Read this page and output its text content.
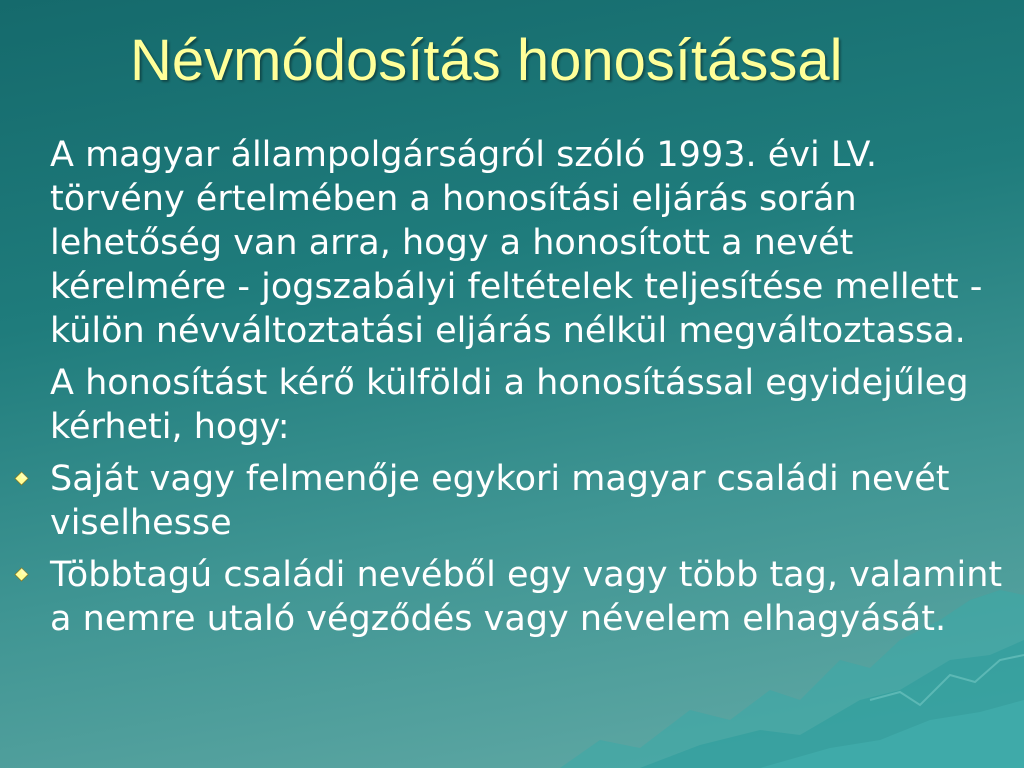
Névmódosítás honosítással

A magyar állampolgárságról szóló 1993. évi LV. törvény értelmében a honosítási eljárás során lehetőség van arra, hogy a honosított a nevét kérelmére - jogszabályi feltételek teljesítése mellett - külön névváltoztatási eljárás nélkül megváltoztassa.

A honosítást kérő külföldi a honosítással egyidejűleg kérheti, hogy:

Saját vagy felmenője egykori magyar családi nevét viselhesse
Többtagú családi nevéből egy vagy több tag, valamint a nemre utaló végződés vagy névelem elhagyását.
